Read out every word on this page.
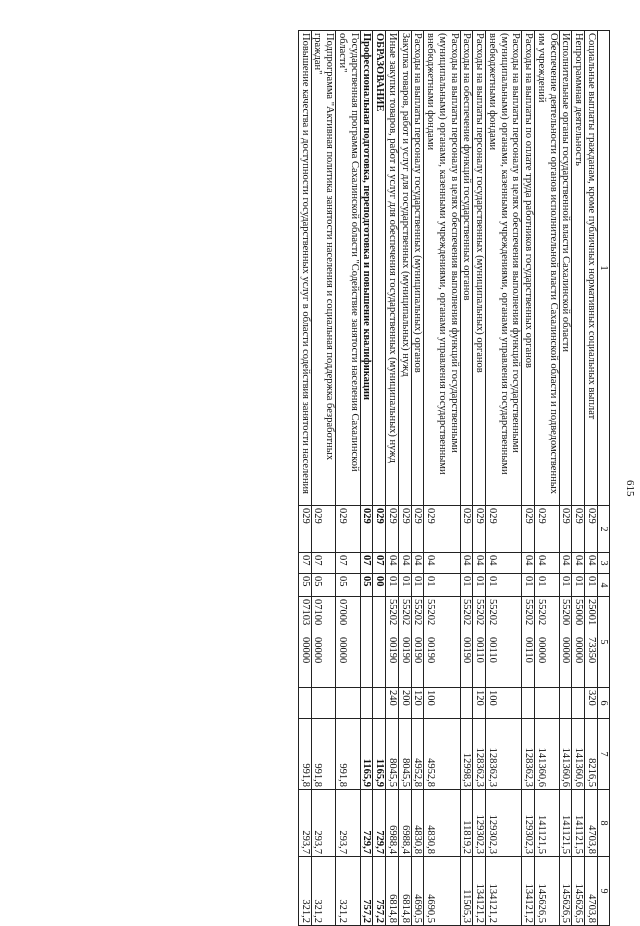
615
1	2	3	4	5	6	7	8	9
Социальные выплаты гражданам, кроме публичных нормативных социальных выплат	029	04	01	2500173350	320	8216,5	4703,8	4703,8
Непрограммная деятельность	029	04	01	5500000000		141360,6	141121,5	145626,5
Исполнительные органы государственной власти Сахалинской области	029	04	01	5520000000		141360,6	141121,5	145626,5
Обеспечение деятельности органов исполнительной власти Сахалинской области и подведомственных им учреждений	029	04	01	5520200000		141360,6	141121,5	145626,5
Расходы на выплаты по оплате труда работников государственных органов	029	04	01	5520200110		128362,3	129302,3	134121,2
Расходы на выплаты персоналу в целях обеспечения выполнения функций государственными (муниципальными) органами, казенными учреждениями, органами управления государственными внебюджетными фондами	029	04	01	5520200110	100	128362,3	129302,3	134121,2
Расходы на выплаты персоналу государственных (муниципальных) органов	029	04	01	5520200110	120	128362,3	129302,3	134121,2
Расходы на обеспечение функций государственных органов	029	04	01	5520200190		12998,3	11819,2	11505,3
Расходы на выплаты персоналу в целях обеспечения выполнения функций государственными (муниципальными) органами, казенными учреждениями, органами управления государственными внебюджетными фондами	029	04	01	5520200190	100	4952,8	4830,8	4690,5
Расходы на выплаты персоналу государственных (муниципальных) органов	029	04	01	5520200190	120	4952,8	4830,8	4690,5
Закупка товаров, работ и услуг для государственных (муниципальных) нужд	029	04	01	5520200190	200	8045,5	6988,4	6814,8
Иные закупки товаров, работ и услуг для обеспечения государственных (муниципальных) нужд	029	04	01	5520200190	240	8045,5	6988,4	6814,8
ОБРАЗОВАНИЕ	029	07	00			1165,9	729,7	757,2
Профессиональная подготовка, переподготовка и повышение квалификации	029	07	05			1165,9	729,7	757,2
Государственная программа Сахалинской области "Содействие занятости населения Сахалинской области"	029	07	05	0700000000		991,8	293,7	321,2
Подпрограмма "Активная политика занятости населения и социальная поддержка безработных граждан"	029	07	05	0710000000		991,8	293,7	321,2
Повышение качества и доступности государственных услуг в области содействия занятости населения	029	07	05	0710300000		991,8	293,7	321,2
